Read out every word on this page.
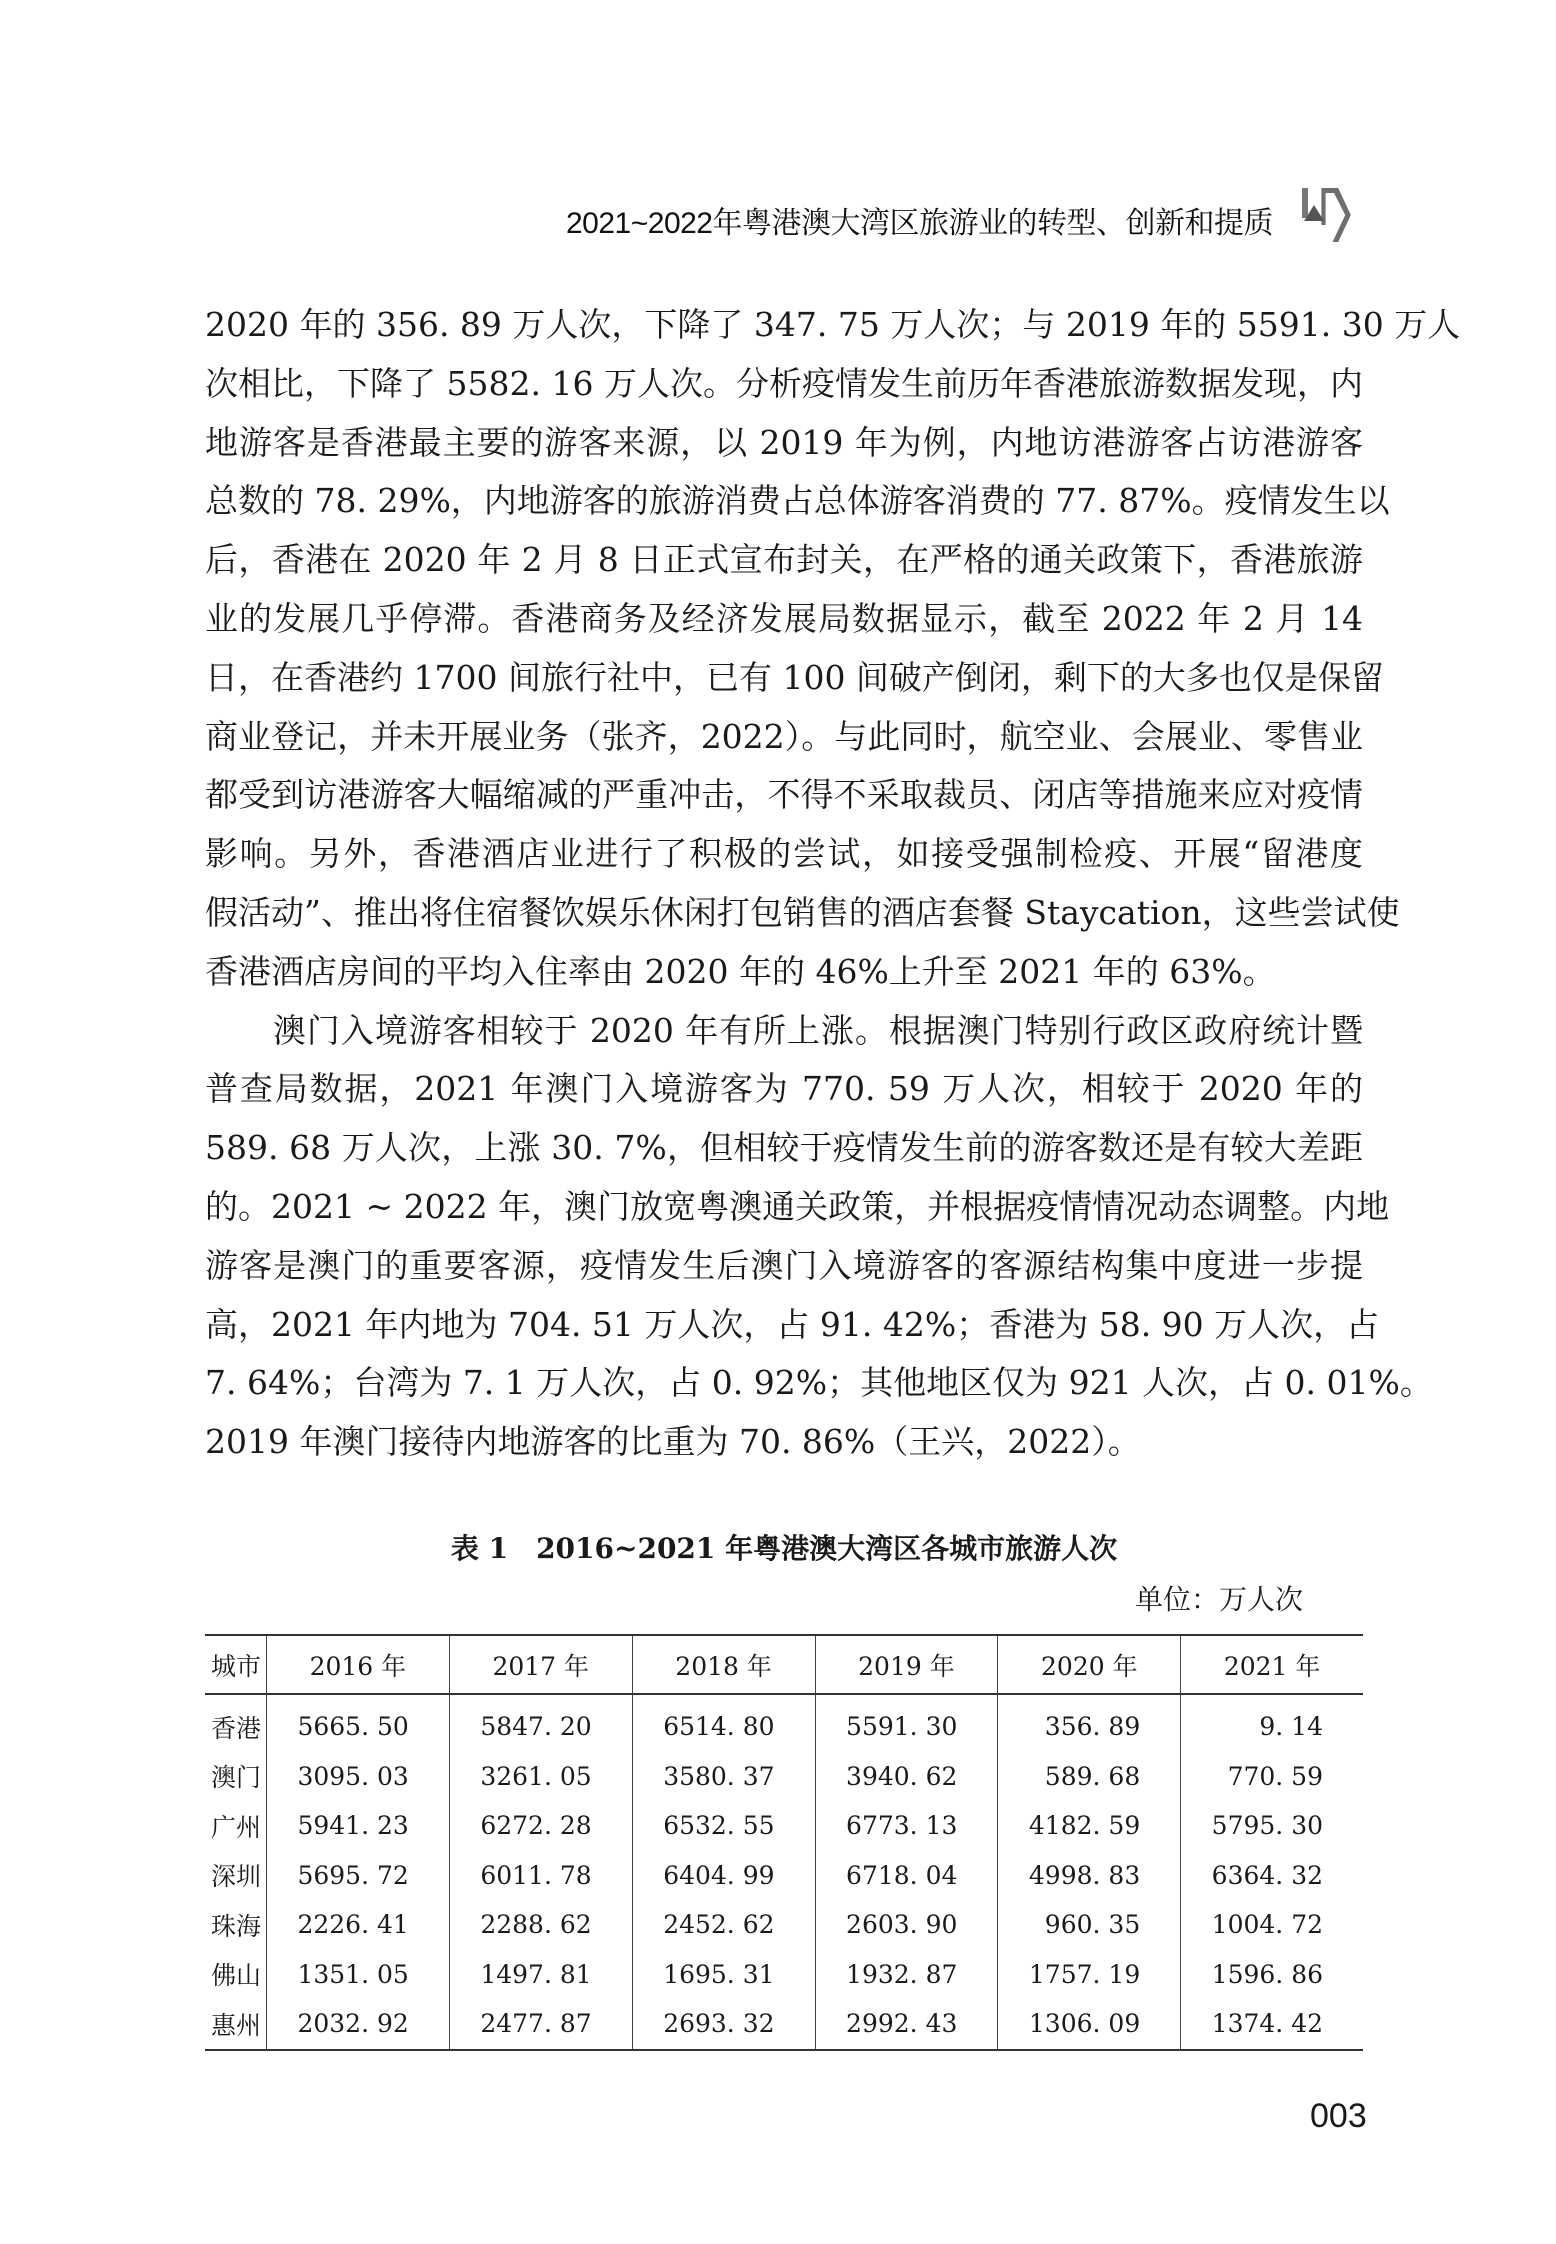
2021~2022年粤港澳大湾区旅游业的转型、创新和提质
2020 年的 356. 89 万人次，下降了 347. 75 万人次；与 2019 年的 5591. 30 万人
次相比，下降了 5582. 16 万人次。分析疫情发生前历年香港旅游数据发现，内
地游客是香港最主要的游客来源，以 2019 年为例，内地访港游客占访港游客
总数的 78. 29%，内地游客的旅游消费占总体游客消费的 77. 87%。疫情发生以
后，香港在 2020 年 2 月 8 日正式宣布封关，在严格的通关政策下，香港旅游
业的发展几乎停滞。香港商务及经济发展局数据显示，截至 2022 年 2 月 14
日，在香港约 1700 间旅行社中，已有 100 间破产倒闭，剩下的大多也仅是保留
商业登记，并未开展业务（张齐，2022）。与此同时，航空业、会展业、零售业
都受到访港游客大幅缩减的严重冲击，不得不采取裁员、闭店等措施来应对疫情
影响。另外，香港酒店业进行了积极的尝试，如接受强制检疫、开展“留港度
假活动”、推出将住宿餐饮娱乐休闲打包销售的酒店套餐 Staycation，这些尝试使
香港酒店房间的平均入住率由 2020 年的 46%上升至 2021 年的 63%。
澳门入境游客相较于 2020 年有所上涨。根据澳门特别行政区政府统计暨
普查局数据，2021 年澳门入境游客为 770. 59 万人次，相较于 2020 年的
589. 68 万人次，上涨 30. 7%，但相较于疫情发生前的游客数还是有较大差距
的。2021 ~ 2022 年，澳门放宽粤澳通关政策，并根据疫情情况动态调整。内地
游客是澳门的重要客源，疫情发生后澳门入境游客的客源结构集中度进一步提
高，2021 年内地为 704. 51 万人次，占 91. 42%；香港为 58. 90 万人次，占
7. 64%；台湾为 7. 1 万人次，占 0. 92%；其他地区仅为 921 人次，占 0. 01%。
2019 年澳门接待内地游客的比重为 70. 86%（王兴，2022）。
表 1　2016~2021 年粤港澳大湾区各城市旅游人次
单位：万人次
城市	2016 年	2017 年	2018 年	2019 年	2020 年	2021 年
香港	5665. 50	5847. 20	6514. 80	5591. 30	356. 89	9. 14
澳门	3095. 03	3261. 05	3580. 37	3940. 62	589. 68	770. 59
广州	5941. 23	6272. 28	6532. 55	6773. 13	4182. 59	5795. 30
深圳	5695. 72	6011. 78	6404. 99	6718. 04	4998. 83	6364. 32
珠海	2226. 41	2288. 62	2452. 62	2603. 90	960. 35	1004. 72
佛山	1351. 05	1497. 81	1695. 31	1932. 87	1757. 19	1596. 86
惠州	2032. 92	2477. 87	2693. 32	2992. 43	1306. 09	1374. 42
003
